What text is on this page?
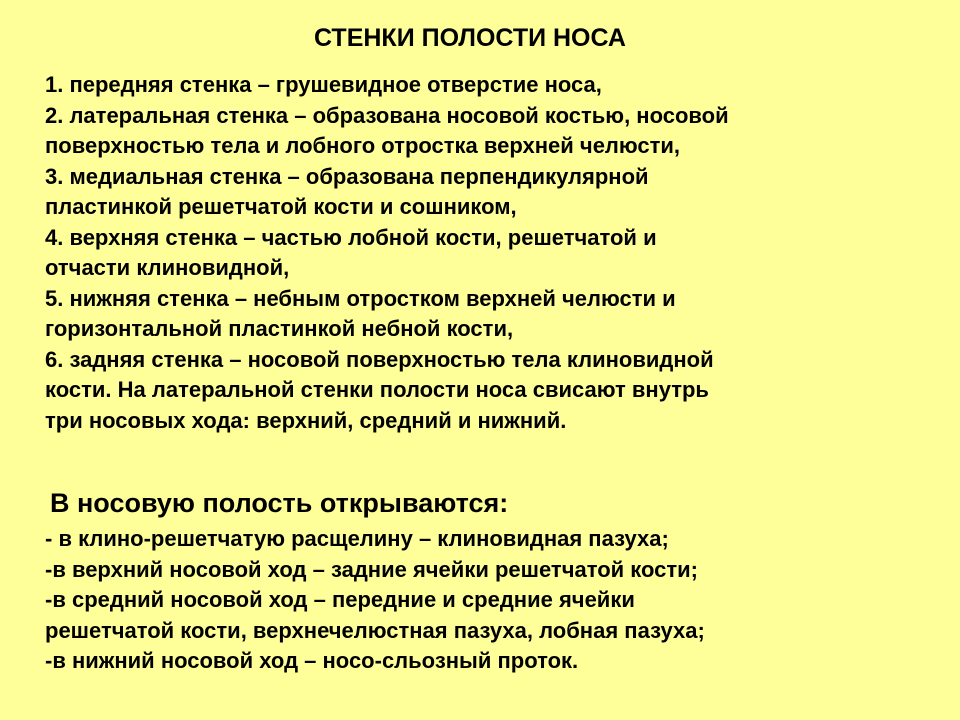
СТЕНКИ ПОЛОСТИ НОСА
1. передняя стенка – грушевидное отверстие носа,
2. латеральная стенка – образована носовой костью, носовой
поверхностью тела и лобного отростка верхней челюсти,
3. медиальная стенка – образована перпендикулярной
пластинкой решетчатой кости и сошником,
4. верхняя стенка – частью лобной кости, решетчатой и
отчасти клиновидной,
5. нижняя стенка – небным отростком верхней челюсти и
горизонтальной пластинкой небной кости,
6. задняя стенка – носовой поверхностью тела клиновидной
кости. На латеральной стенки полости носа свисают внутрь
три носовых хода: верхний, средний и нижний.
В носовую полость открываются:
- в клино-решетчатую расщелину – клиновидная пазуха;
-в верхний носовой ход – задние ячейки решетчатой кости;
-в средний носовой ход – передние и средние ячейки
решетчатой кости, верхнечелюстная пазуха, лобная пазуха;
-в нижний носовой ход – носо-сльозный проток.
